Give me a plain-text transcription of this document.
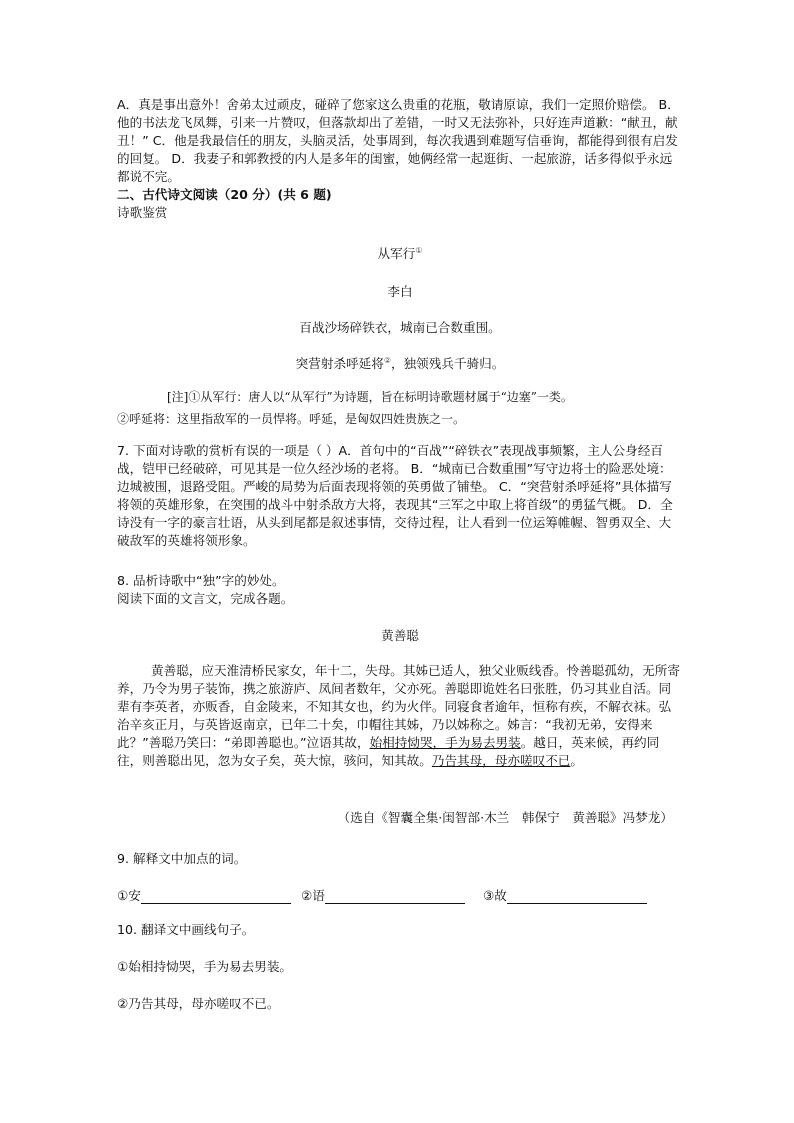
A．真是事出意外！舍弟太过顽皮，碰碎了您家这么贵重的花瓶，敬请原谅，我们一定照价赔偿。 B．他的书法龙飞凤舞，引来一片赞叹，但落款却出了差错，一时又无法弥补，只好连声道歉：“献丑，献丑！” C．他是我最信任的朋友，头脑灵活，处事周到，每次我遇到难题写信垂询，都能得到很有启发的回复。 D．我妻子和郭教授的内人是多年的闺蜜，她俩经常一起逛街、一起旅游，话多得似乎永远都说不完。

二、古代诗文阅读（20 分）(共 6 题)

诗歌鉴赏

从军行①
李白
百战沙场碎铁衣，城南已合数重围。
突营射杀呼延将②，独领残兵千骑归。

[注]①从军行：唐人以“从军行”为诗题，旨在标明诗歌题材属于“边塞”一类。
②呼延将：这里指敌军的一员悍将。呼延，是匈奴四姓贵族之一。

7. 下面对诗歌的赏析有误的一项是（ ）A．首句中的“百战”“碎铁衣”表现战事频繁，主人公身经百战，铠甲已经破碎，可见其是一位久经沙场的老将。 B．“城南已合数重围”写守边将士的险恶处境：边城被围，退路受阻。严峻的局势为后面表现将领的英勇做了铺垫。 C．“突营射杀呼延将”具体描写将领的英雄形象，在突围的战斗中射杀敌方大将，表现其“三军之中取上将首级”的勇猛气概。 D．全诗没有一字的豪言壮语，从头到尾都是叙述事情，交待过程，让人看到一位运筹帷幄、智勇双全、大破敌军的英雄将领形象。

8. 品析诗歌中“独”字的妙处。

阅读下面的文言文，完成各题。

黄善聪

黄善聪，应天淮清桥民家女，年十二，失母。其姊已适人，独父业贩线香。怜善聪孤幼，无所寄养，乃令为男子装饰，携之旅游庐、凤间者数年，父亦死。善聪即诡姓名曰张胜，仍习其业自活。同辈有李英者，亦贩香，自金陵来，不知其女也，约为火伴。同寝食者逾年，恒称有疾，不解衣袜。弘治辛亥正月，与英皆返南京，已年二十矣，巾帽往其姊，乃以姊称之。姊言：“我初无弟，安得来此？”善聪乃笑曰：“弟即善聪也。”泣语其故，始相持恸哭，手为易去男装。越日，英来候，再约同往，则善聪出见，忽为女子矣，英大惊，骇问，知其故。乃告其母，母亦嗟叹不已。

（选自《智囊全集·闺智部·木兰　韩保宁　黄善聪》冯梦龙）

9. 解释文中加点的词。

①安	②语	③故

10. 翻译文中画线句子。

①始相持恸哭，手为易去男装。

②乃告其母，母亦嗟叹不已。
